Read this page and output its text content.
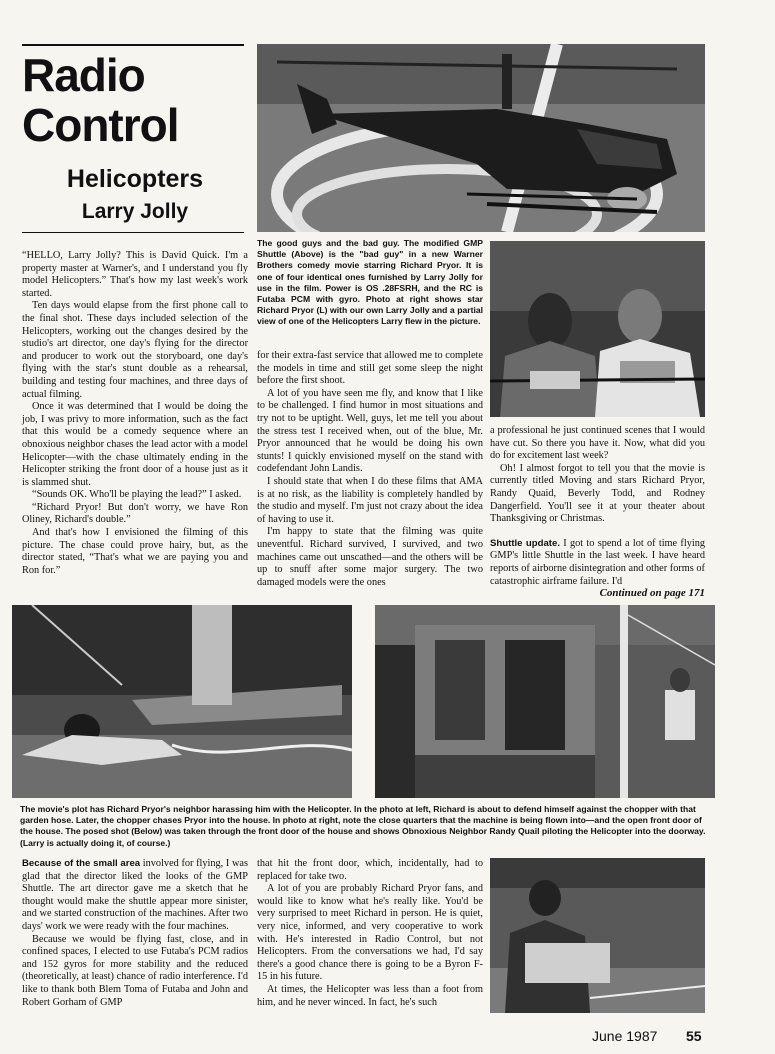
Radio
Control
Helicopters
Larry Jolly
The good guys and the bad guy. The modified GMP Shuttle (Above) is the "bad guy" in a new Warner Brothers comedy movie starring Richard Pryor. It is one of four identical ones furnished by Larry Jolly for use in the film. Power is OS .28FSRH, and the RC is Futaba PCM with gyro. Photo at right shows star Richard Pryor (L) with our own Larry Jolly and a partial view of one of the Helicopters Larry flew in the picture.

“HELLO, Larry Jolly? This is David Quick. I'm a property master at Warner's, and I understand you fly model Helicopters.” That's how my last week's work started.

Ten days would elapse from the first phone call to the final shot. These days included selection of the Helicopters, working out the changes desired by the studio's art director, one day's flying for the director and producer to work out the storyboard, one day's flying with the star's stunt double as a rehearsal, building and testing four machines, and three days of actual filming.

Once it was determined that I would be doing the job, I was privy to more information, such as the fact that this would be a comedy sequence where an obnoxious neighbor chases the lead actor with a model Helicopter—with the chase ultimately ending in the Helicopter striking the front door of a house just as it is slammed shut.

“Sounds OK. Who'll be playing the lead?” I asked.

“Richard Pryor! But don't worry, we have Ron Oliney, Richard's double.”

And that's how I envisioned the filming of this picture. The chase could prove hairy, but, as the director stated, “That's what we are paying you and Ron for.”

for their extra-fast service that allowed me to complete the models in time and still get some sleep the night before the first shoot.

A lot of you have seen me fly, and know that I like to be challenged. I find humor in most situations and try not to be uptight. Well, guys, let me tell you about the stress test I received when, out of the blue, Mr. Pryor announced that he would be doing his own stunts! I quickly envisioned myself on the stand with codefendant John Landis.

I should state that when I do these films that AMA is at no risk, as the liability is completely handled by the studio and myself. I'm just not crazy about the idea of having to use it.

I'm happy to state that the filming was quite uneventful. Richard survived, I survived, and two machines came out unscathed—and the others will be up to snuff after some major surgery. The two damaged models were the ones

a professional he just continued scenes that I would have cut. So there you have it. Now, what did you do for excitement last week?

Oh! I almost forgot to tell you that the movie is currently titled Moving and stars Richard Pryor, Randy Quaid, Beverly Todd, and Rodney Dangerfield. You'll see it at your theater about Thanksgiving or Christmas.

Shuttle update. I got to spend a lot of time flying GMP's little Shuttle in the last week. I have heard reports of airborne disintegration and other forms of catastrophic airframe failure. I'd

Continued on page 171
The movie's plot has Richard Pryor's neighbor harassing him with the Helicopter. In the photo at left, Richard is about to defend himself against the chopper with that garden hose. Later, the chopper chases Pryor into the house. In photo at right, note the close quarters that the machine is being flown into—and the open front door of the house. The posed shot (Below) was taken through the front door of the house and shows Obnoxious Neighbor Randy Quail piloting the Helicopter into the doorway. (Larry is actually doing it, of course.)

Because of the small area involved for flying, I was glad that the director liked the looks of the GMP Shuttle. The art director gave me a sketch that he thought would make the shuttle appear more sinister, and we started construction of the machines. After two days' work we were ready with the four machines.

Because we would be flying fast, close, and in confined spaces, I elected to use Futaba's PCM radios and 152 gyros for more stability and the reduced (theoretically, at least) chance of radio interference. I'd like to thank both Blem Toma of Futaba and John and Robert Gorham of GMP

that hit the front door, which, incidentally, had to replaced for take two.

A lot of you are probably Richard Pryor fans, and would like to know what he's really like. You'd be very surprised to meet Richard in person. He is quiet, very nice, informed, and very cooperative to work with. He's interested in Radio Control, but not Helicopters. From the conversations we had, I'd say there's a good chance there is going to be a Byron F-15 in his future.

At times, the Helicopter was less than a foot from him, and he never winced. In fact, he's such

June 1987 55
